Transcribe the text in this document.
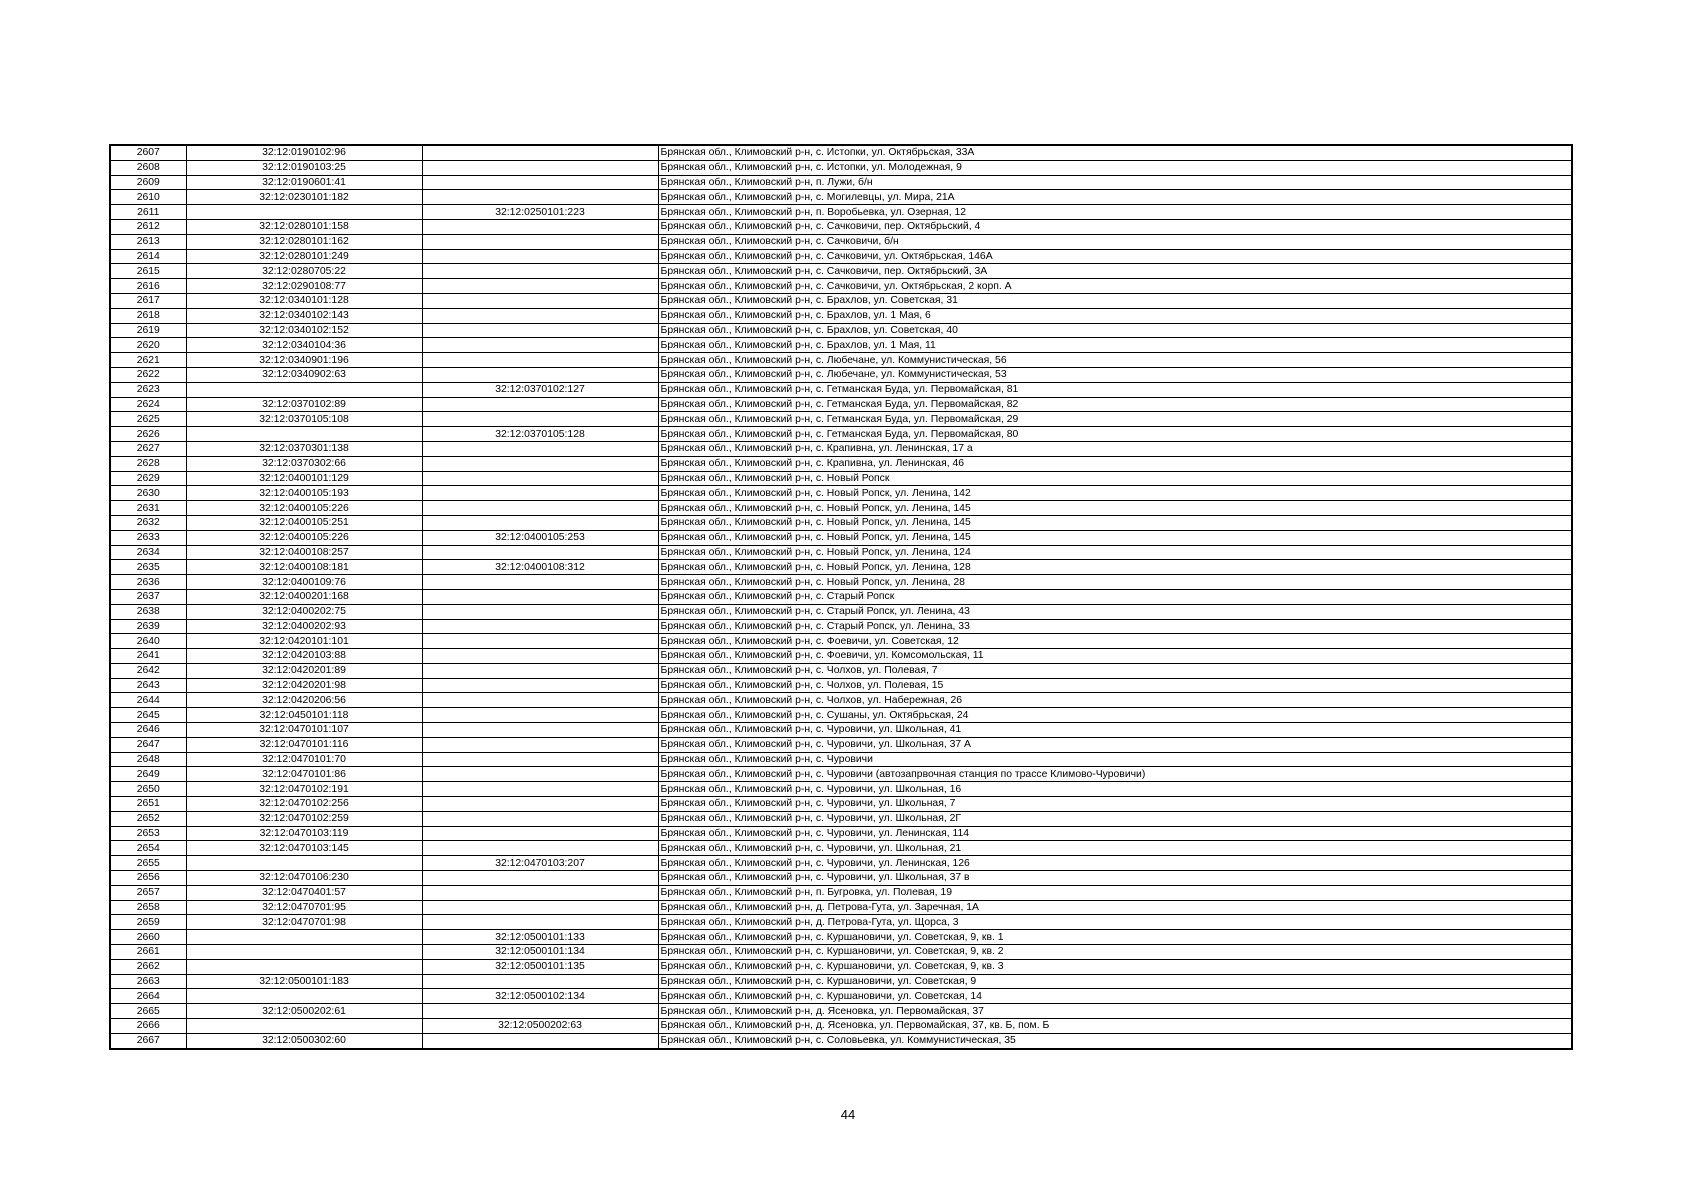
2607	32:12:0190102:96		Брянская обл., Климовский р-н, с. Истопки, ул. Октябрьская, 33А
2608	32:12:0190103:25		Брянская обл., Климовский р-н, с. Истопки, ул. Молодежная, 9
2609	32:12:0190601:41		Брянская обл., Климовский р-н, п. Лужи, б/н
2610	32:12:0230101:182		Брянская обл., Климовский р-н, с. Могилевцы, ул. Мира, 21А
2611		32:12:0250101:223	Брянская обл., Климовский р-н, п. Воробьевка, ул. Озерная, 12
2612	32:12:0280101:158		Брянская обл., Климовский р-н, с. Сачковичи, пер. Октябрьский, 4
2613	32:12:0280101:162		Брянская обл., Климовский р-н, с. Сачковичи, б/н
2614	32:12:0280101:249		Брянская обл., Климовский р-н, с. Сачковичи, ул. Октябрьская, 146А
2615	32:12:0280705:22		Брянская обл., Климовский р-н, с. Сачковичи, пер. Октябрьский, 3А
2616	32:12:0290108:77		Брянская обл., Климовский р-н, с. Сачковичи, ул. Октябрьская, 2 корп. А
2617	32:12:0340101:128		Брянская обл., Климовский р-н, с. Брахлов, ул. Советская, 31
2618	32:12:0340102:143		Брянская обл., Климовский р-н, с. Брахлов, ул. 1 Мая, 6
2619	32:12:0340102:152		Брянская обл., Климовский р-н, с. Брахлов, ул. Советская, 40
2620	32:12:0340104:36		Брянская обл., Климовский р-н, с. Брахлов, ул. 1 Мая, 11
2621	32:12:0340901:196		Брянская обл., Климовский р-н, с. Любечане, ул. Коммунистическая, 56
2622	32:12:0340902:63		Брянская обл., Климовский р-н, с. Любечане, ул. Коммунистическая, 53
2623		32:12:0370102:127	Брянская обл., Климовский р-н, с. Гетманская Буда, ул. Первомайская, 81
2624	32:12:0370102:89		Брянская обл., Климовский р-н, с. Гетманская Буда, ул. Первомайская, 82
2625	32:12:0370105:108		Брянская обл., Климовский р-н, с. Гетманская Буда, ул. Первомайская, 29
2626		32:12:0370105:128	Брянская обл., Климовский р-н, с. Гетманская Буда, ул. Первомайская, 80
2627	32:12:0370301:138		Брянская обл., Климовский р-н, с. Крапивна, ул. Ленинская, 17 а
2628	32:12:0370302:66		Брянская обл., Климовский р-н, с. Крапивна, ул. Ленинская, 46
2629	32:12:0400101:129		Брянская обл., Климовский р-н, с. Новый Ропск
2630	32:12:0400105:193		Брянская обл., Климовский р-н, с. Новый Ропск, ул. Ленина, 142
2631	32:12:0400105:226		Брянская обл., Климовский р-н, с. Новый Ропск, ул. Ленина, 145
2632	32:12:0400105:251		Брянская обл., Климовский р-н, с. Новый Ропск, ул. Ленина, 145
2633	32:12:0400105:226	32:12:0400105:253	Брянская обл., Климовский р-н, с. Новый Ропск, ул. Ленина, 145
2634	32:12:0400108:257		Брянская обл., Климовский р-н, с. Новый Ропск, ул. Ленина, 124
2635	32:12:0400108:181	32:12:0400108:312	Брянская обл., Климовский р-н, с. Новый Ропск, ул. Ленина, 128
2636	32:12:0400109:76		Брянская обл., Климовский р-н, с. Новый Ропск, ул. Ленина, 28
2637	32:12:0400201:168		Брянская обл., Климовский р-н, с. Старый Ропск
2638	32:12:0400202:75		Брянская обл., Климовский р-н, с. Старый Ропск, ул. Ленина, 43
2639	32:12:0400202:93		Брянская обл., Климовский р-н, с. Старый Ропск, ул. Ленина, 33
2640	32:12:0420101:101		Брянская обл., Климовский р-н, с. Фоевичи, ул. Советская, 12
2641	32:12:0420103:88		Брянская обл., Климовский р-н, с. Фоевичи, ул. Комсомольская, 11
2642	32:12:0420201:89		Брянская обл., Климовский р-н, с. Чолхов, ул. Полевая, 7
2643	32:12:0420201:98		Брянская обл., Климовский р-н, с. Чолхов, ул. Полевая, 15
2644	32:12:0420206:56		Брянская обл., Климовский р-н, с. Чолхов, ул. Набережная, 26
2645	32:12:0450101:118		Брянская обл., Климовский р-н, с. Сушаны, ул. Октябрьская, 24
2646	32:12:0470101:107		Брянская обл., Климовский р-н, с. Чуровичи, ул. Школьная, 41
2647	32:12:0470101:116		Брянская обл., Климовский р-н, с. Чуровичи, ул. Школьная, 37 А
2648	32:12:0470101:70		Брянская обл., Климовский р-н, с. Чуровичи
2649	32:12:0470101:86		Брянская обл., Климовский р-н, с. Чуровичи (автозапрвочная станция по трассе Климово-Чуровичи)
2650	32:12:0470102:191		Брянская обл., Климовский р-н, с. Чуровичи, ул. Школьная, 16
2651	32:12:0470102:256		Брянская обл., Климовский р-н, с. Чуровичи, ул. Школьная, 7
2652	32:12:0470102:259		Брянская обл., Климовский р-н, с. Чуровичи, ул. Школьная, 2Г
2653	32:12:0470103:119		Брянская обл., Климовский р-н, с. Чуровичи, ул. Ленинская, 114
2654	32:12:0470103:145		Брянская обл., Климовский р-н, с. Чуровичи, ул. Школьная, 21
2655		32:12:0470103:207	Брянская обл., Климовский р-н, с. Чуровичи, ул. Ленинская, 126
2656	32:12:0470106:230		Брянская обл., Климовский р-н, с. Чуровичи, ул. Школьная, 37 в
2657	32:12:0470401:57		Брянская обл., Климовский р-н, п. Бугровка, ул. Полевая, 19
2658	32:12:0470701:95		Брянская обл., Климовский р-н, д. Петрова-Гута, ул. Заречная, 1А
2659	32:12:0470701:98		Брянская обл., Климовский р-н, д. Петрова-Гута, ул. Щорса, 3
2660		32:12:0500101:133	Брянская обл., Климовский р-н, с. Куршановичи, ул. Советская, 9, кв. 1
2661		32:12:0500101:134	Брянская обл., Климовский р-н, с. Куршановичи, ул. Советская, 9, кв. 2
2662		32:12:0500101:135	Брянская обл., Климовский р-н, с. Куршановичи, ул. Советская, 9, кв. 3
2663	32:12:0500101:183		Брянская обл., Климовский р-н, с. Куршановичи, ул. Советская, 9
2664		32:12:0500102:134	Брянская обл., Климовский р-н, с. Куршановичи, ул. Советская, 14
2665	32:12:0500202:61		Брянская обл., Климовский р-н, д. Ясеновка, ул. Первомайская, 37
2666		32:12:0500202:63	Брянская обл., Климовский р-н, д. Ясеновка, ул. Первомайская, 37, кв. Б, пом. Б
2667	32:12:0500302:60		Брянская обл., Климовский р-н, с. Соловьевка, ул. Коммунистическая, 35
44
